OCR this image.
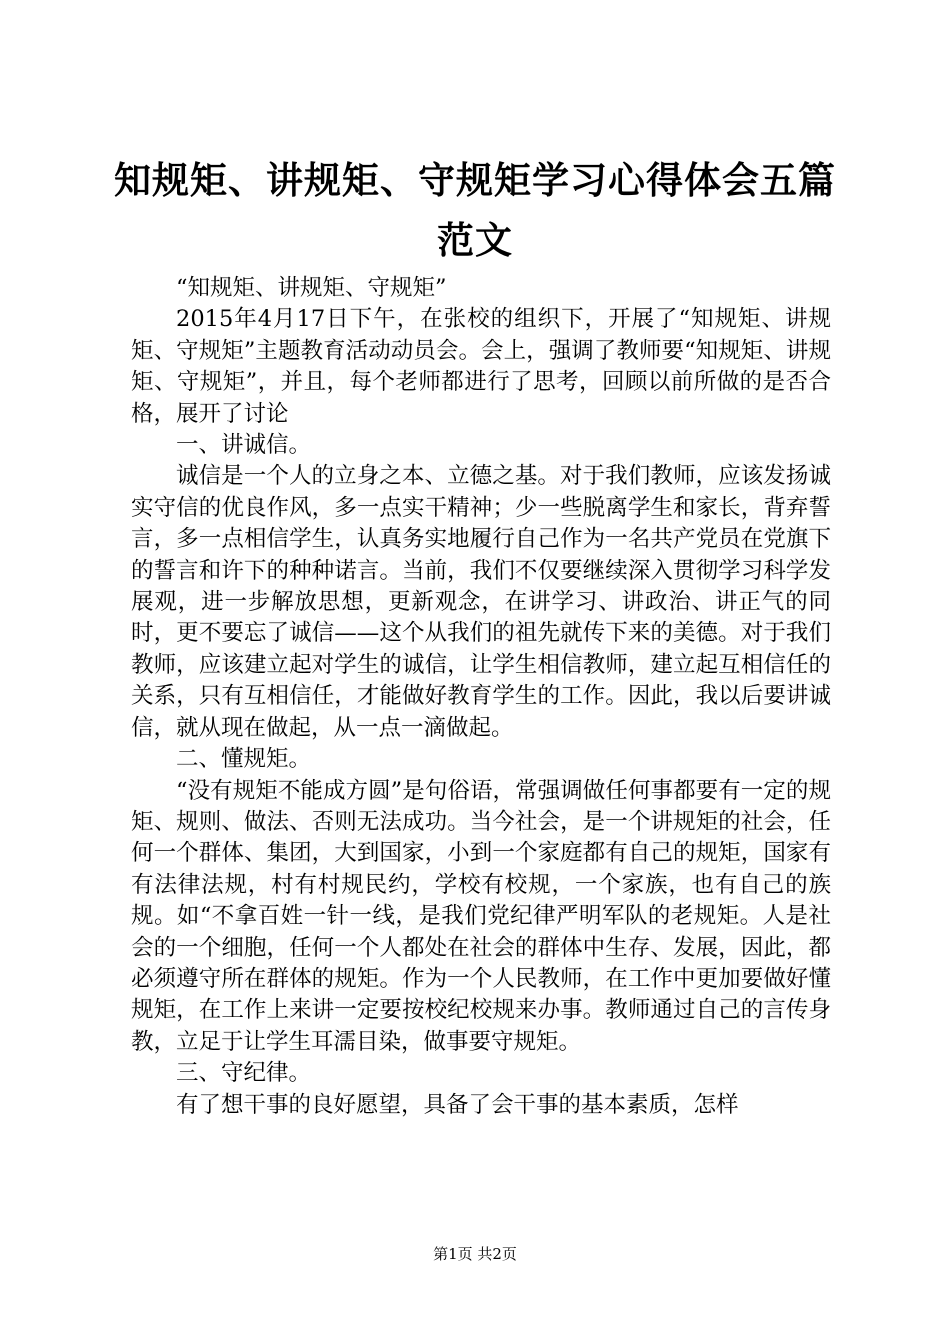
知规矩、讲规矩、守规矩学习心得体会五篇范文

“知规矩、讲规矩、守规矩”

2015年4月17日下午，在张校的组织下，开展了“知规矩、讲规矩、守规矩”主题教育活动动员会。会上，强调了教师要“知规矩、讲规矩、守规矩”，并且，每个老师都进行了思考，回顾以前所做的是否合格，展开了讨论

一、讲诚信。

诚信是一个人的立身之本、立德之基。对于我们教师，应该发扬诚实守信的优良作风，多一点实干精神；少一些脱离学生和家长，背弃誓言，多一点相信学生，认真务实地履行自己作为一名共产党员在党旗下的誓言和许下的种种诺言。当前，我们不仅要继续深入贯彻学习科学发展观，进一步解放思想，更新观念，在讲学习、讲政治、讲正气的同时，更不要忘了诚信——这个从我们的祖先就传下来的美德。对于我们教师，应该建立起对学生的诚信，让学生相信教师，建立起互相信任的关系，只有互相信任，才能做好教育学生的工作。因此，我以后要讲诚信，就从现在做起，从一点一滴做起。

二、懂规矩。

“没有规矩不能成方圆”是句俗语，常强调做任何事都要有一定的规矩、规则、做法、否则无法成功。当今社会，是一个讲规矩的社会，任何一个群体、集团，大到国家，小到一个家庭都有自己的规矩，国家有有法律法规，村有村规民约，学校有校规，一个家族，也有自己的族规。如“不拿百姓一针一线，是我们党纪律严明军队的老规矩。人是社会的一个细胞，任何一个人都处在社会的群体中生存、发展，因此，都必须遵守所在群体的规矩。作为一个人民教师，在工作中更加要做好懂规矩，在工作上来讲一定要按校纪校规来办事。教师通过自己的言传身教，立足于让学生耳濡目染，做事要守规矩。

三、守纪律。

有了想干事的良好愿望，具备了会干事的基本素质，怎样

第1页 共2页
